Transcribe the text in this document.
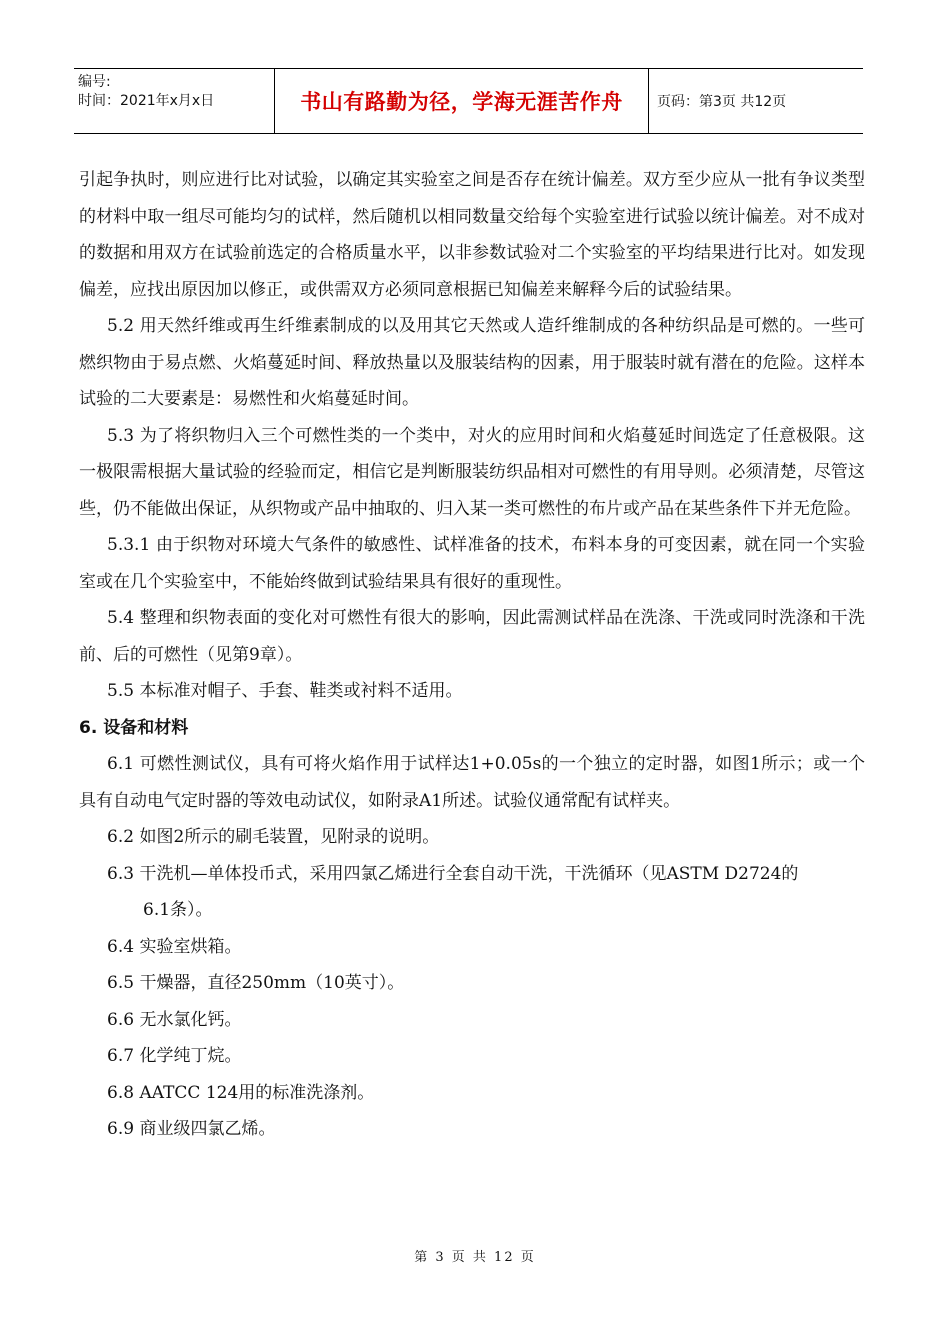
编号:
时间：2021年x月x日	书山有路勤为径，学海无涯苦作舟	页码：第3页 共12页

引起争执时，则应进行比对试验，以确定其实验室之间是否存在统计偏差。双方至少应从一批有争议类型的材料中取一组尽可能均匀的试样，然后随机以相同数量交给每个实验室进行试验以统计偏差。对不成对的数据和用双方在试验前选定的合格质量水平，以非参数试验对二个实验室的平均结果进行比对。如发现偏差，应找出原因加以修正，或供需双方必须同意根据已知偏差来解释今后的试验结果。

5.2 用天然纤维或再生纤维素制成的以及用其它天然或人造纤维制成的各种纺织品是可燃的。一些可燃织物由于易点燃、火焰蔓延时间、释放热量以及服装结构的因素，用于服装时就有潜在的危险。这样本试验的二大要素是：易燃性和火焰蔓延时间。

5.3 为了将织物归入三个可燃性类的一个类中，对火的应用时间和火焰蔓延时间选定了任意极限。这一极限需根据大量试验的经验而定，相信它是判断服装纺织品相对可燃性的有用导则。必须清楚，尽管这些，仍不能做出保证，从织物或产品中抽取的、归入某一类可燃性的布片或产品在某些条件下并无危险。

5.3.1 由于织物对环境大气条件的敏感性、试样准备的技术，布料本身的可变因素，就在同一个实验室或在几个实验室中，不能始终做到试验结果具有很好的重现性。

5.4 整理和织物表面的变化对可燃性有很大的影响，因此需测试样品在洗涤、干洗或同时洗涤和干洗前、后的可燃性（见第9章）。

5.5 本标准对帽子、手套、鞋类或衬料不适用。

6. 设备和材料

6.1 可燃性测试仪，具有可将火焰作用于试样达1+0.05s的一个独立的定时器，如图1所示；或一个具有自动电气定时器的等效电动试仪，如附录A1所述。试验仪通常配有试样夹。

6.2 如图2所示的刷毛装置，见附录的说明。

6.3 干洗机—单体投币式，采用四氯乙烯进行全套自动干洗，干洗循环（见ASTM D2724的
6.1条）。

6.4 实验室烘箱。

6.5 干燥器，直径250mm（10英寸）。

6.6 无水氯化钙。

6.7 化学纯丁烷。

6.8 AATCC 124用的标准洗涤剂。

6.9 商业级四氯乙烯。

第 3 页 共 12 页
